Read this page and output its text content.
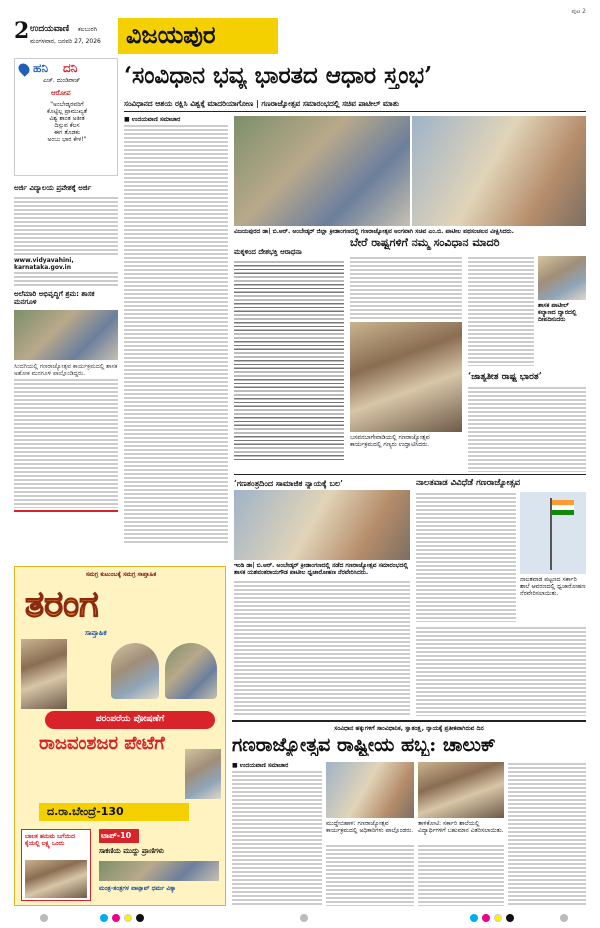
2 ಉದಯವಾಣಿ ಕಲಬುರಗಿ
ಮಂಗಳವಾರ, ಜನವರಿ 27, 2026 ವಿಜಯಪುರ
ಪುಟ 2
ಹನಿ ದನಿ
ಎಚ್. ದುಂಡಿರಾಜ್
ಆರೋಪ
"ಅಂಬೇಡ್ಕರವರಿಗೆ
ಕೊಟ್ಟಿಲ್ಲ ಪ್ರಾಮುಖ್ಯತೆ
ವಿಶ್ವ ಶಾಂತ ಅತೀತ
ದಿಸ್ಸುವ ಕೆಲಸ
ಈಗ ತೊಡಕು
ಅಂಬು ಭಾರ ಕೇಳ!"
ಅರ್ಜಿ ವಿದ್ಯಾಲಯ ಪ್ರವೇಶಕ್ಕೆ ಅರ್ಜಿ
www.vidyavahini, karnataka.gov.in
ಅಲೆಮಾರಿ ಅಭಿವೃದ್ಧಿಗೆ ಶ್ರಮ: ಶಾಸಕ ಮನಗೂಳಿ
ಸಿಂದಗಿಯಲ್ಲಿ ಗಣರಾಜ್ಯೋತ್ಸವ ಕಾರ್ಯಕ್ರಮದಲ್ಲಿ ಶಾಸಕ ಅಶೋಕ ಮನಗೂಳಿ ಪಾಲ್ಗೊಂಡಿದ್ದರು.
‘ಸಂವಿಧಾನ ಭವ್ಯ ಭಾರತದ ಆಧಾರ ಸ್ತಂಭ’
ಸಂವಿಧಾನದ ಆಶಯ ರಕ್ಷಿಸಿ ವಿಶ್ವಕ್ಕೆ ಮಾದರಿಯಾಗೋಣ | ಗಣರಾಜ್ಯೋತ್ಸವ ಸಮಾರಂಭದಲ್ಲಿ ಸಚಿವ ಪಾಟೀಲ್ ಮಾತು
■ ಉದಯವಾಣಿ ಸಮಾಚಾರ
ವಿಜಯಪುರದ ಡಾ| ಬಿ.ಆರ್. ಅಂಬೇಡ್ಕರ್ ಜಿಲ್ಲಾ ಕ್ರೀಡಾಂಗಣದಲ್ಲಿ ಗಣರಾಜ್ಯೋತ್ಸವ ಅಂಗವಾಗಿ ಸಚಿವ ಎಂ.ಬಿ. ಪಾಟೀಲ ಪಥಸಂಚಲನ ವೀಕ್ಷಿಸಿದರು.
ಬೇರೆ ರಾಷ್ಟ್ರಗಳಿಗೆ ನಮ್ಮ ಸಂವಿಧಾನ ಮಾದರಿ
ಮಕ್ಕಳಿಂದ ದೇಶಭಕ್ತಿ ಆರಾಧನಾ
ಬಸವನಬಾಗೇವಾಡಿಯಲ್ಲಿ ಗಣರಾಜ್ಯೋತ್ಸವ ಕಾರ್ಯಕ್ರಮದಲ್ಲಿ ಗಣ್ಯರು ಉದ್ಘಾಟಿಸಿದರು.
ಶಾಸಕ ಪಾಟೀಲ್ ಕಲ್ಯಾಣದ ದ್ವಾರದಲ್ಲಿ ದೀಪದೀನಿದರು
‘ಜಾತ್ಯತೀತ ರಾಷ್ಟ್ರ ಭಾರತ’
‘ಗಣತಂತ್ರದಿಂದ ಸಾಮಾಜಿಕ ನ್ಯಾಯಕ್ಕೆ ಬಲ’
ಇಂಡಿ ಡಾ| ಬಿ.ಆರ್. ಅಂಬೇಡ್ಕರ್ ಕ್ರೀಡಾಂಗಣದಲ್ಲಿ ನಡೆದ ಗಣರಾಜ್ಯೋತ್ಸವ ಸಮಾರಂಭದಲ್ಲಿ ಶಾಸಕ ಯಶವಂತರಾಯಗೌಡ ಪಾಟೀಲ ಧ್ವಜಾರೋಹಣ ನೆರವೇರಿಸಿದರು.
ನಾಲತವಾಡ ವಿವಿಧೆಡೆ ಗಣರಾಜ್ಯೋತ್ಸವ
ನಾಲತವಾಡ ಪಟ್ಟಣದ ಸರ್ಕಾರಿ ಶಾಲೆ ಆವರಣದಲ್ಲಿ ಧ್ವಜಾರೋಹಣ ನೆರವೇರಿಸಲಾಯಿತು.
ಸಮಗ್ರ ಕುಟುಂಬಕ್ಕೆ ಸಮಗ್ರ ಸಾಪ್ತಾಹಿಕ
ತರಂಗ
ಸಾಪ್ತಾಹಿಕ
ಪರಂಪರೆಯ ಪೋಷಣೆಗೆ
ರಾಜವಂಶಜರ ಪೇಟೆಗೆ
ದ.ರಾ.ಬೇಂದ್ರೆ-130
ಬಾಲಕ ಹನುಮ ಬಗೆಯಿದ ಕೈಯಲ್ಲಿ ಲಕ್ಷ್ಯ ಒಂದು
ಟಾಪ್-10
ಸಾಕಣಿಯ ಮುದ್ದು ಪ್ರಾಣಿಗಳು
ಮಂತ್ರ-ತಂತ್ರಗಳ ವಾಟ್ಸಾಪ್ ಧರ್ಮ ವಿಕ್ಕಾ
ಸಂವಿಧಾನ ಹಕ್ಕುಗಳಿಗೆ ಸಾಂವಿಧಾನಿಕ, ಸ್ವಾತಂತ್ರ್ಯ, ನ್ಯಾಯಕ್ಕೆ ಪ್ರತೀಕವಾಗಿರುವ ದಿನ
ಗಣರಾಜ್ಯೋತ್ಸವ ರಾಷ್ಟ್ರೀಯ ಹಬ್ಬ: ಚಾಲುಕ್
■ ಉದಯವಾಣಿ ಸಮಾಚಾರ
ಮುದ್ದೇಬಿಹಾಳ: ಗಣರಾಜ್ಯೋತ್ಸವ ಕಾರ್ಯಕ್ರಮದಲ್ಲಿ ಅಧಿಕಾರಿಗಳು ಪಾಲ್ಗೊಂಡರು.
ತಾಳಿಕೋಟಿ: ಸರ್ಕಾರಿ ಶಾಲೆಯಲ್ಲಿ ವಿದ್ಯಾರ್ಥಿಗಳಿಗೆ ಬಹುಮಾನ ವಿತರಿಸಲಾಯಿತು.
